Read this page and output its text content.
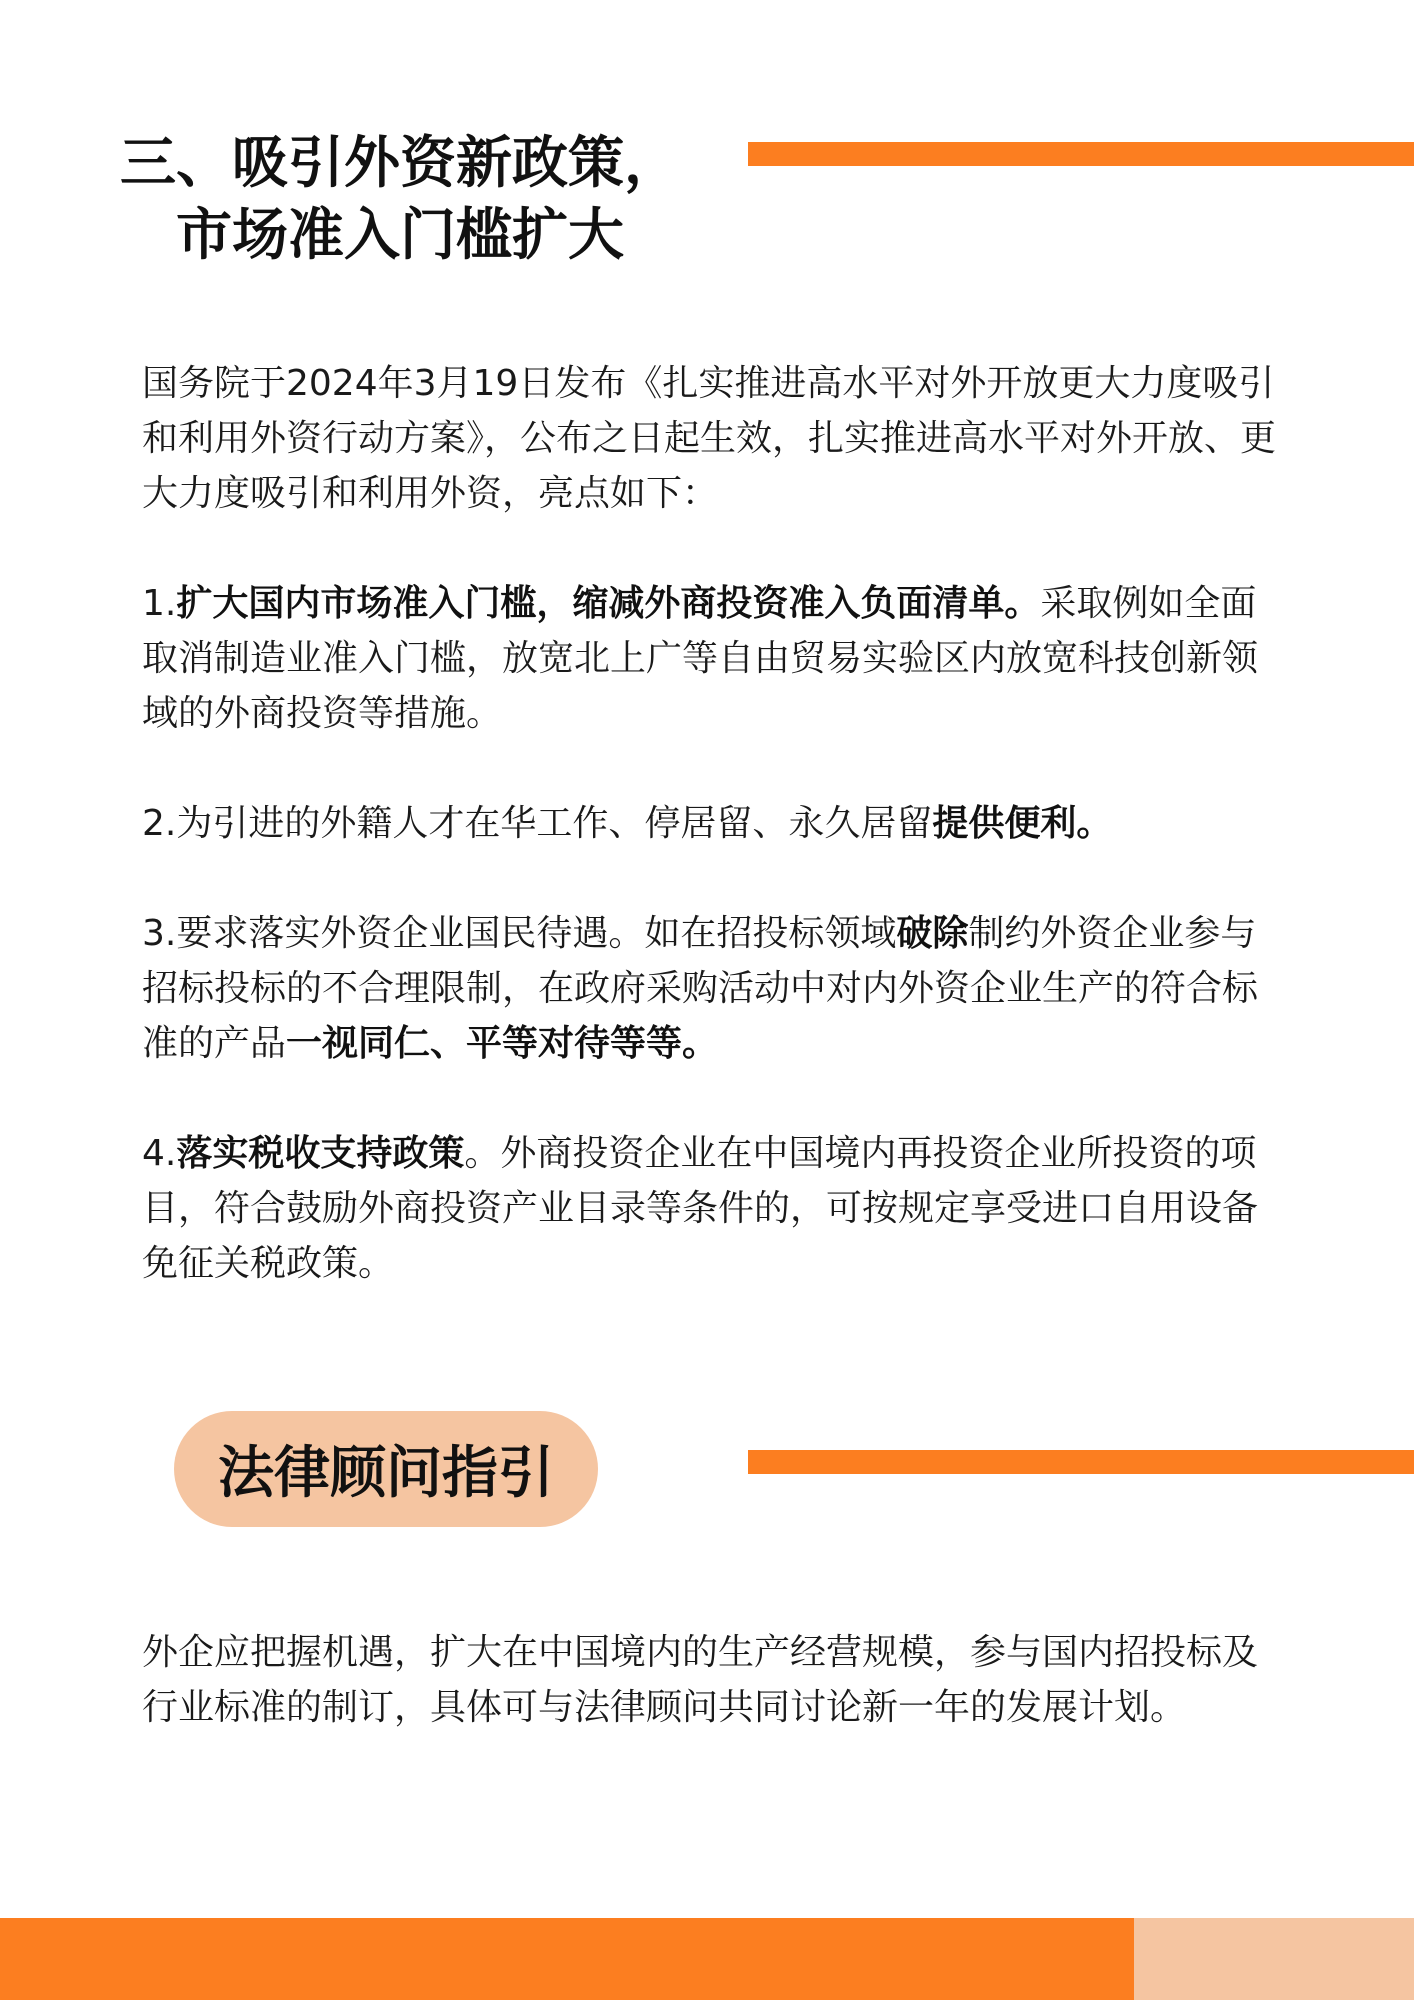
三、吸引外资新政策，
市场准入门槛扩大

国务院于2024年3月19日发布《扎实推进高水平对外开放更大力度吸引和利用外资行动方案》，公布之日起生效，扎实推进高水平对外开放、更大力度吸引和利用外资，亮点如下：

1.扩大国内市场准入门槛，缩减外商投资准入负面清单。采取例如全面取消制造业准入门槛，放宽北上广等自由贸易实验区内放宽科技创新领域的外商投资等措施。

2.为引进的外籍人才在华工作、停居留、永久居留提供便利。

3.要求落实外资企业国民待遇。如在招投标领域破除制约外资企业参与招标投标的不合理限制，在政府采购活动中对内外资企业生产的符合标准的产品一视同仁、平等对待等等。

4.落实税收支持政策。外商投资企业在中国境内再投资企业所投资的项目，符合鼓励外商投资产业目录等条件的，可按规定享受进口自用设备免征关税政策。

法律顾问指引

外企应把握机遇，扩大在中国境内的生产经营规模，参与国内招投标及行业标准的制订，具体可与法律顾问共同讨论新一年的发展计划。
